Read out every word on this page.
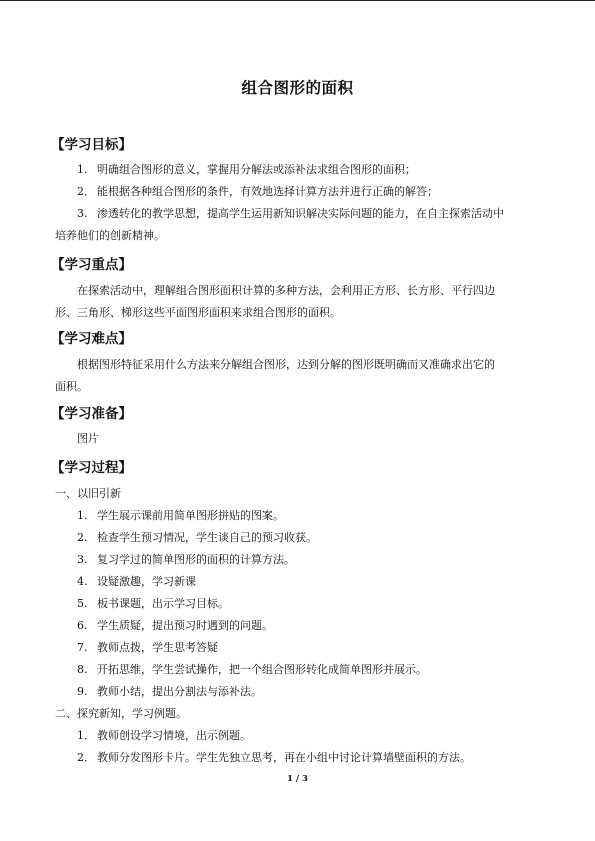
组合图形的面积
【学习目标】
1. 明确组合图形的意义，掌握用分解法或添补法求组合图形的面积；
2． 能根据各种组合图形的条件，有效地选择计算方法并进行正确的解答；
3. 渗透转化的教学思想，提高学生运用新知识解决实际问题的能力，在自主探索活动中
培养他们的创新精神。
【学习重点】
在探索活动中，理解组合图形面积计算的多种方法，会利用正方形、长方形、平行四边
形、三角形、梯形这些平面图形面积来求组合图形的面积。
【学习难点】
根据图形特征采用什么方法来分解组合图形，达到分解的图形既明确而又准确求出它的
面积。
【学习准备】
图片
【学习过程】
一、以旧引新
1. 学生展示课前用简单图形拼贴的图案。
2. 检查学生预习情况，学生谈自己的预习收获。
3. 复习学过的简单图形的面积的计算方法。
4. 设疑激趣，学习新课
5. 板书课题，出示学习目标。
6. 学生质疑，提出预习时遇到的问题。
7. 教师点拨，学生思考答疑
8. 开拓思维，学生尝试操作，把一个组合图形转化成简单图形并展示。
9. 教师小结，提出分割法与添补法。
二、探究新知，学习例题。
1． 教师创设学习情境，出示例题。
2． 教师分发图形卡片。学生先独立思考，再在小组中讨论计算墙壁面积的方法。
1 / 3
